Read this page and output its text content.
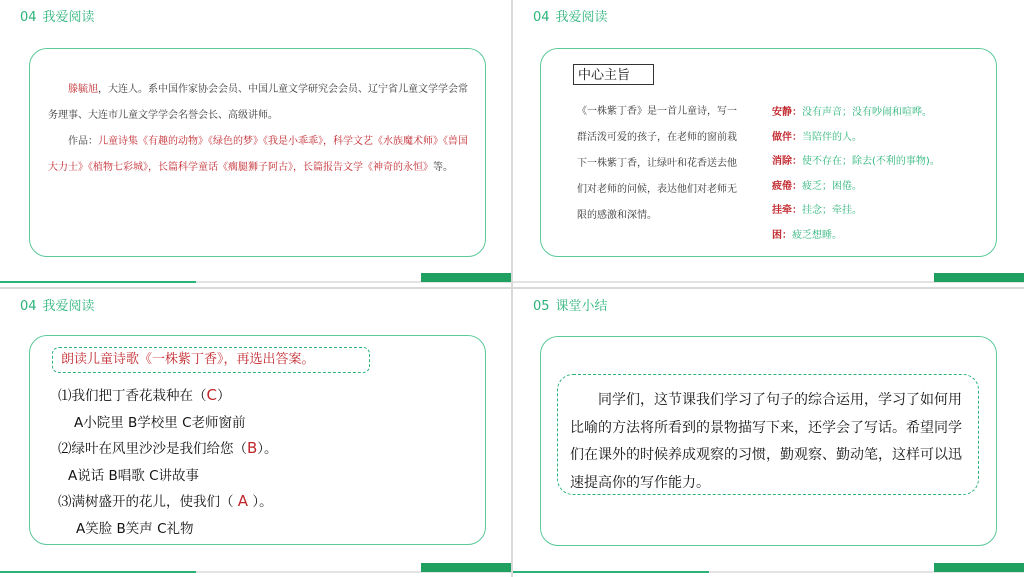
04 我爱阅读

滕毓旭，大连人。系中国作家协会会员、中国儿童文学研究会会员、辽宁省儿童文学学会常务理事、大连市儿童文学学会名誉会长、高级讲师。

作品：儿童诗集《有趣的动物》《绿色的梦》《我是小乖乖》，科学文艺《水族魔术师》《兽国大力士》《植物七彩城》，长篇科学童话《瘸腿狮子阿古》，长篇报告文学《神奇的永恒》等。

04 我爱阅读
中心主旨
《一株紫丁香》是一首儿童诗，写一群活泼可爱的孩子，在老师的窗前栽下一株紫丁香，让绿叶和花香送去他们对老师的问候，表达他们对老师无限的感激和深情。
安静：没有声音；没有吵闹和喧哗。
做伴：当陪伴的人。
消除：使不存在；除去(不利的事物)。
疲倦：疲乏；困倦。
挂牵：挂念；牵挂。
困：疲乏想睡。
04 我爱阅读
朗读儿童诗歌《一株紫丁香》，再选出答案。
⑴我们把丁香花栽种在（C）
A小院里 B学校里 C老师窗前
⑵绿叶在风里沙沙是我们给您（B）。
A说话 B唱歌 C讲故事
⑶满树盛开的花儿，使我们（ A ）。
A笑脸 B笑声 C礼物
05 课堂小结
同学们，这节课我们学习了句子的综合运用，学习了如何用比喻的方法将所看到的景物描写下来，还学会了写话。希望同学们在课外的时候养成观察的习惯，勤观察、勤动笔，这样可以迅速提高你的写作能力。
